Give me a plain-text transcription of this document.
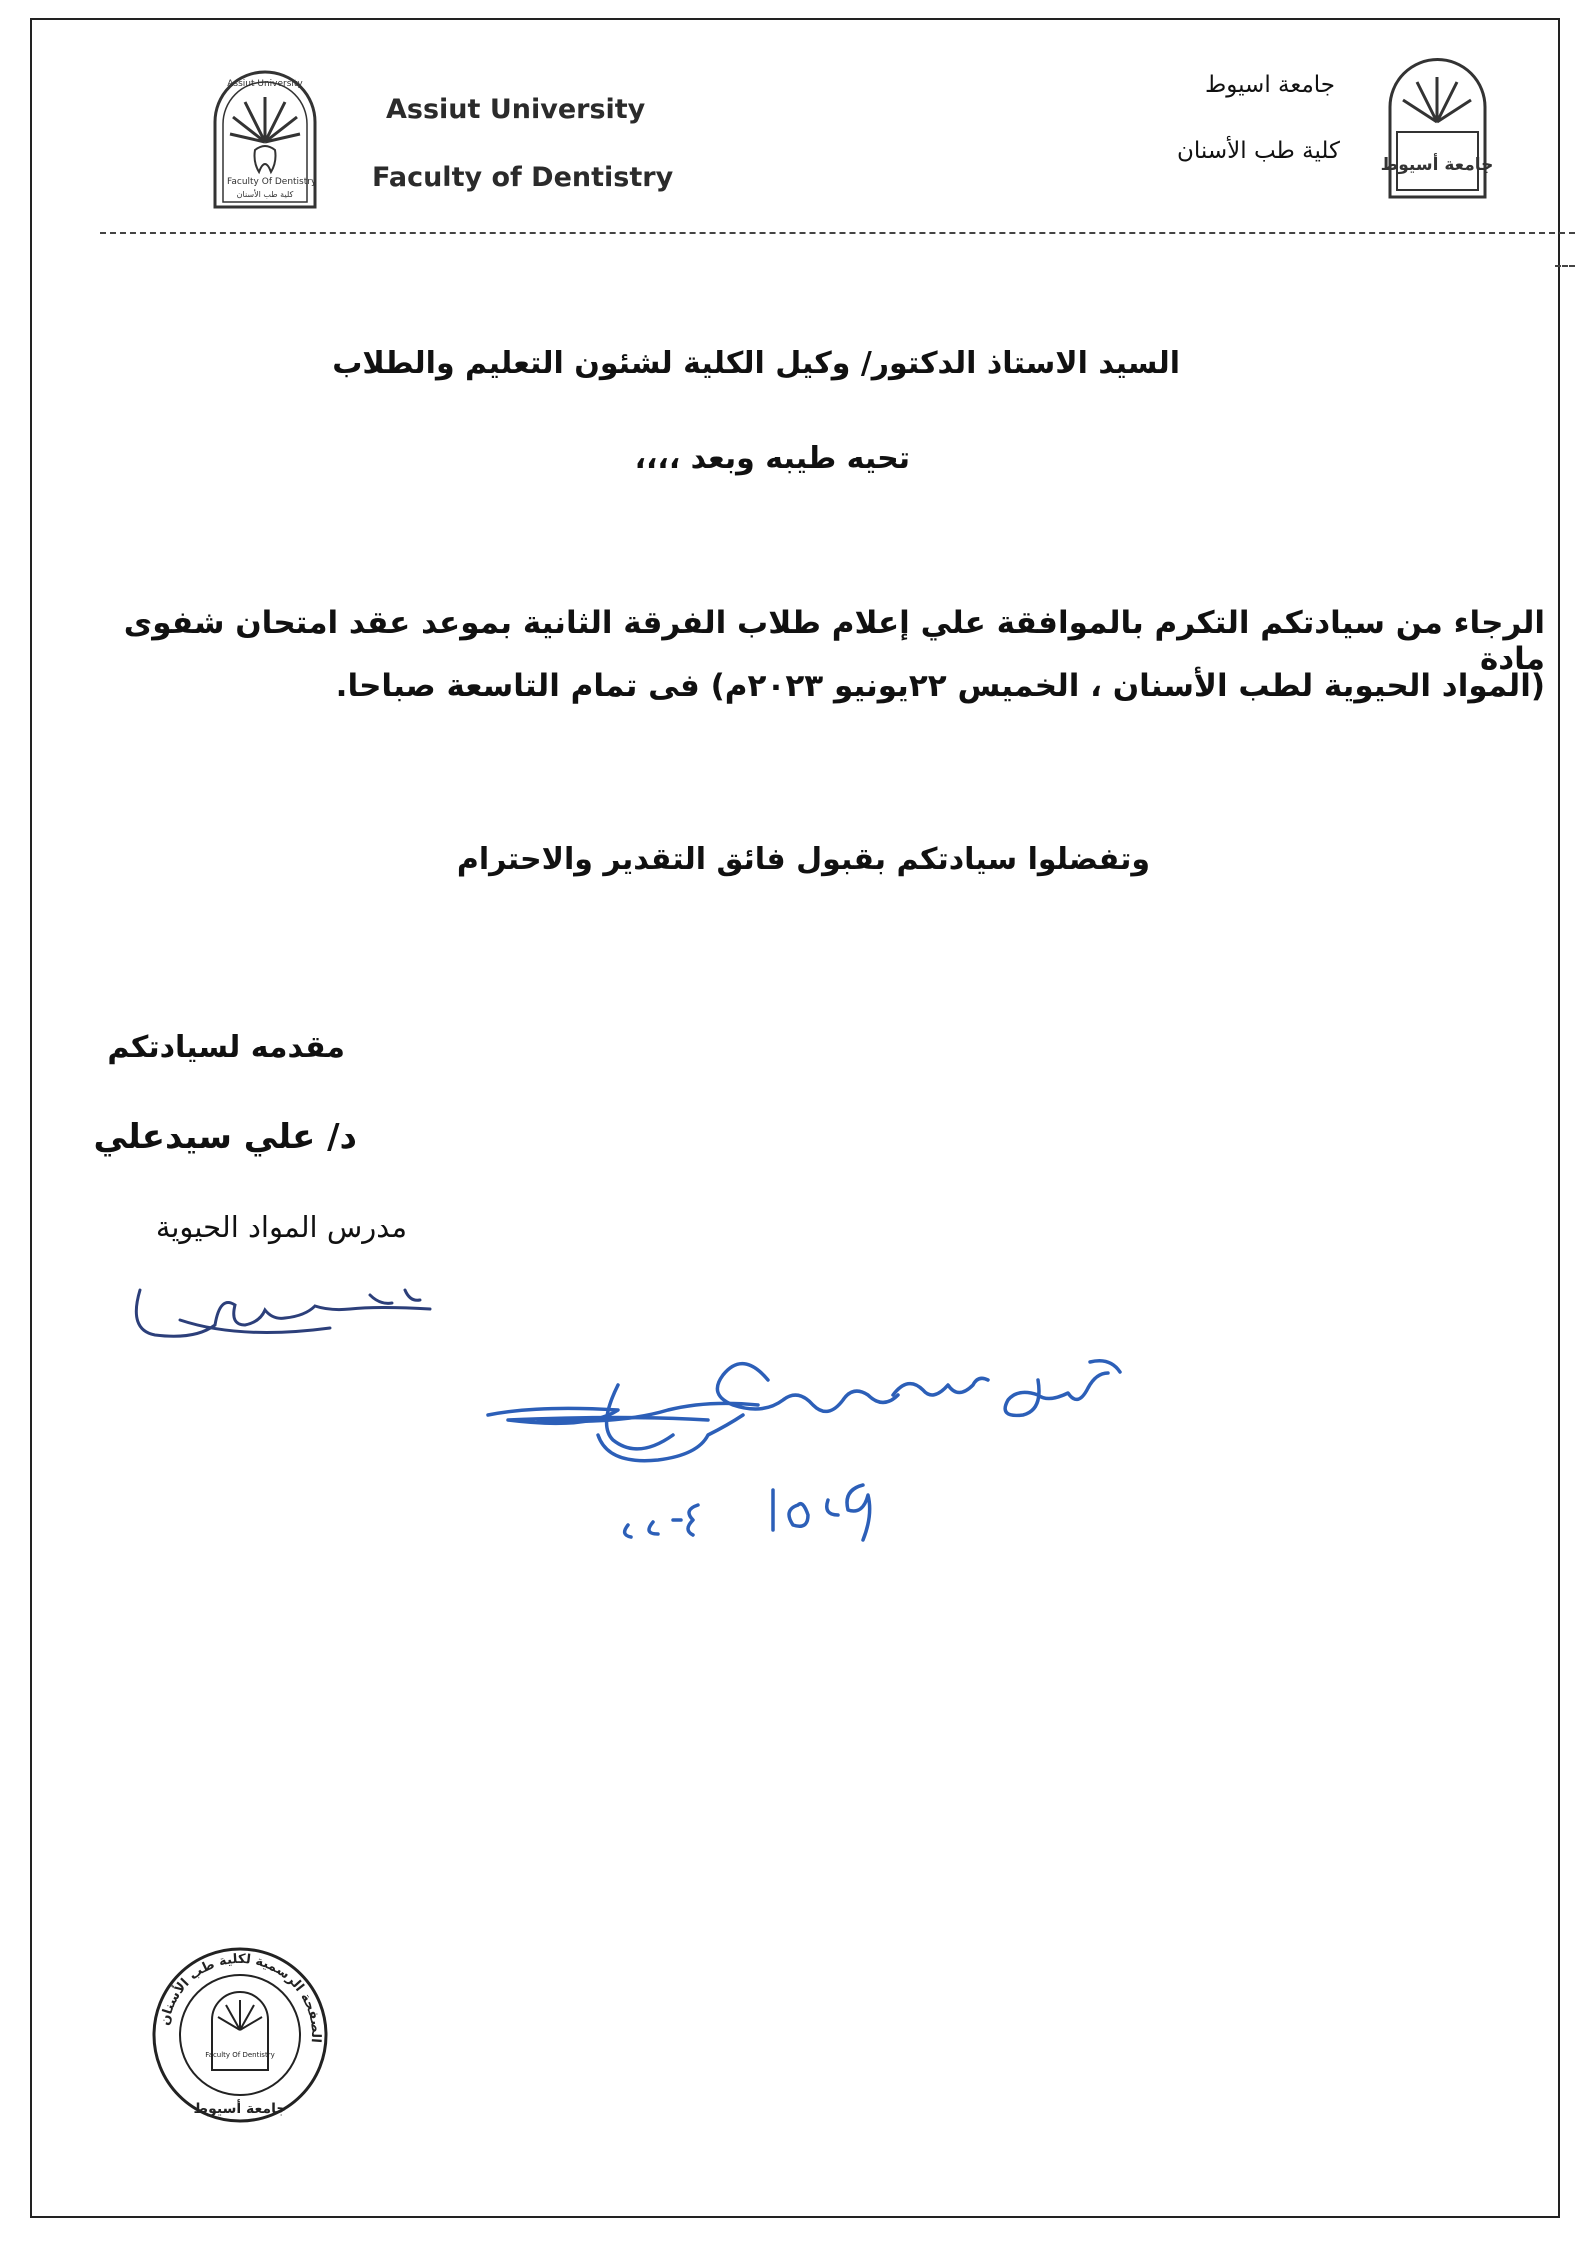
Faculty Of Dentistry
كلية طب الأسنان
Assiut University
Assiut University
Faculty of Dentistry
جامعة اسيوط
كلية طب الأسنان
جامعة أسيوط
السيد الاستاذ الدكتور/ وكيل الكلية لشئون التعليم والطلاب
تحيه طيبه وبعد ،،،،
الرجاء من سيادتكم التكرم بالموافقة علي إعلام طلاب الفرقة الثانية بموعد عقد امتحان شفوى مادة
(المواد الحيوية لطب الأسنان ، الخميس ٢٢يونيو ٢٠٢٣م) فى تمام التاسعة صباحا.
وتفضلوا سيادتكم بقبول فائق التقدير والاحترام
مقدمه لسيادتكم
د/ علي سيدعلي
مدرس المواد الحيوية
الصفحة الرسمية لكلية طب الأسنان
جامعة أسيوط
Faculty Of Dentistry
